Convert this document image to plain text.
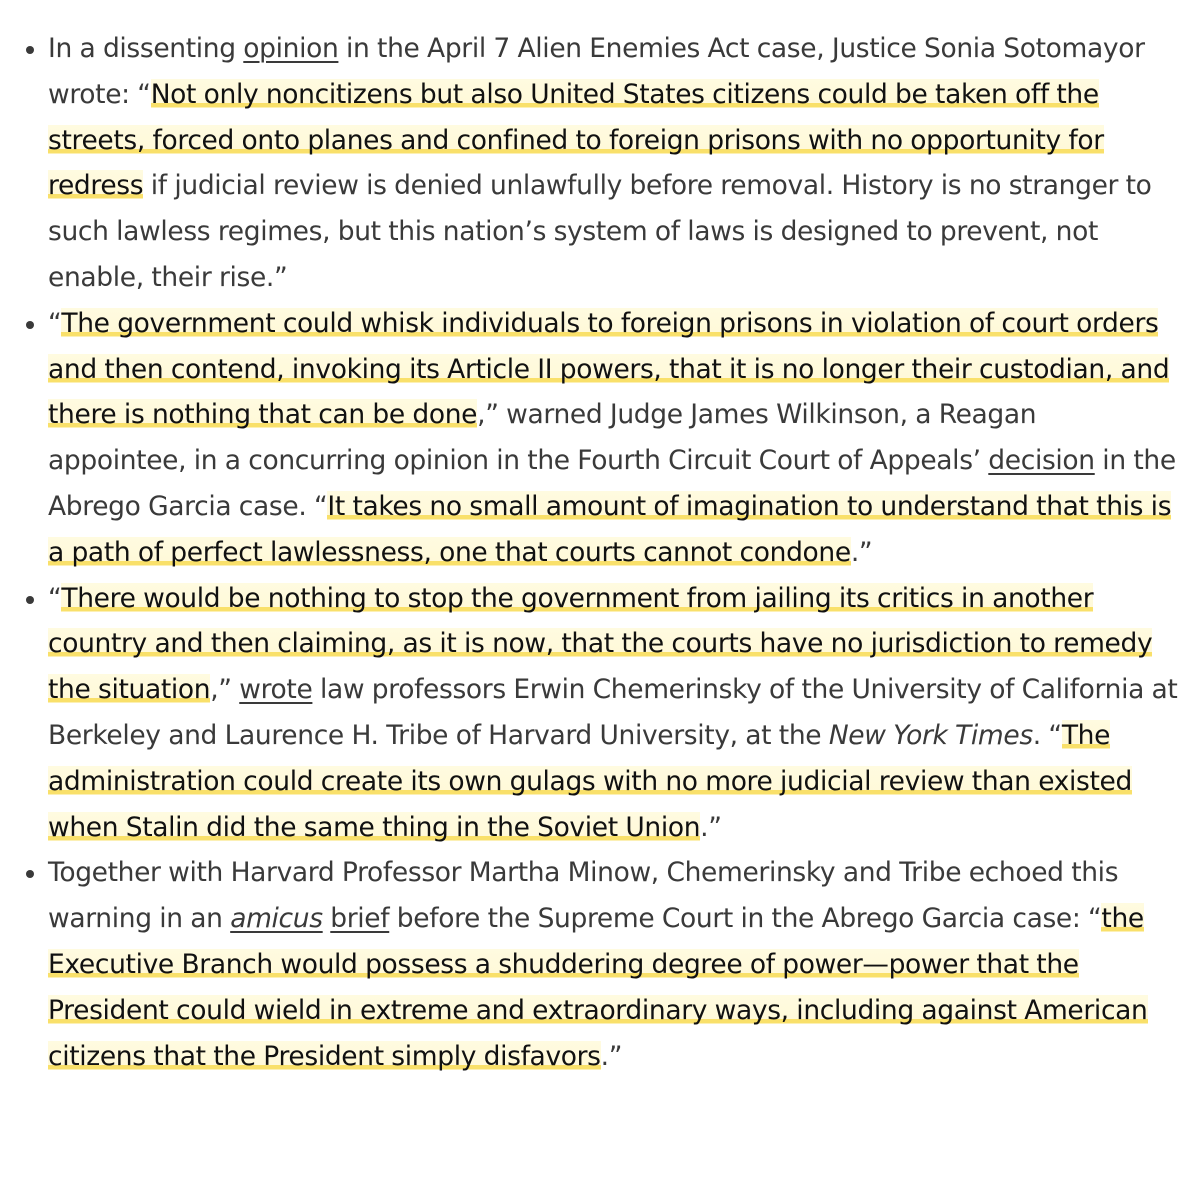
In a dissenting opinion in the April 7 Alien Enemies Act case, Justice Sonia Sotomayor wrote: “Not only noncitizens but also United States citizens could be taken off the streets, forced onto planes and confined to foreign prisons with no opportunity for redress if judicial review is denied unlawfully before removal. History is no stranger to such lawless regimes, but this nation’s system of laws is designed to prevent, not enable, their rise.”
“The government could whisk individuals to foreign prisons in violation of court orders and then contend, invoking its Article II powers, that it is no longer their custodian, and there is nothing that can be done,” warned Judge James Wilkinson, a Reagan appointee, in a concurring opinion in the Fourth Circuit Court of Appeals’ decision in the Abrego Garcia case. “It takes no small amount of imagination to understand that this is a path of perfect lawlessness, one that courts cannot condone.”
“There would be nothing to stop the government from jailing its critics in another country and then claiming, as it is now, that the courts have no jurisdiction to remedy the situation,” wrote law professors Erwin Chemerinsky of the University of California at Berkeley and Laurence H. Tribe of Harvard University, at the New York Times. “The administration could create its own gulags with no more judicial review than existed when Stalin did the same thing in the Soviet Union.”
Together with Harvard Professor Martha Minow, Chemerinsky and Tribe echoed this warning in an amicus brief before the Supreme Court in the Abrego Garcia case: “the Executive Branch would possess a shuddering degree of power—power that the President could wield in extreme and extraordinary ways, including against American citizens that the President simply disfavors.”
